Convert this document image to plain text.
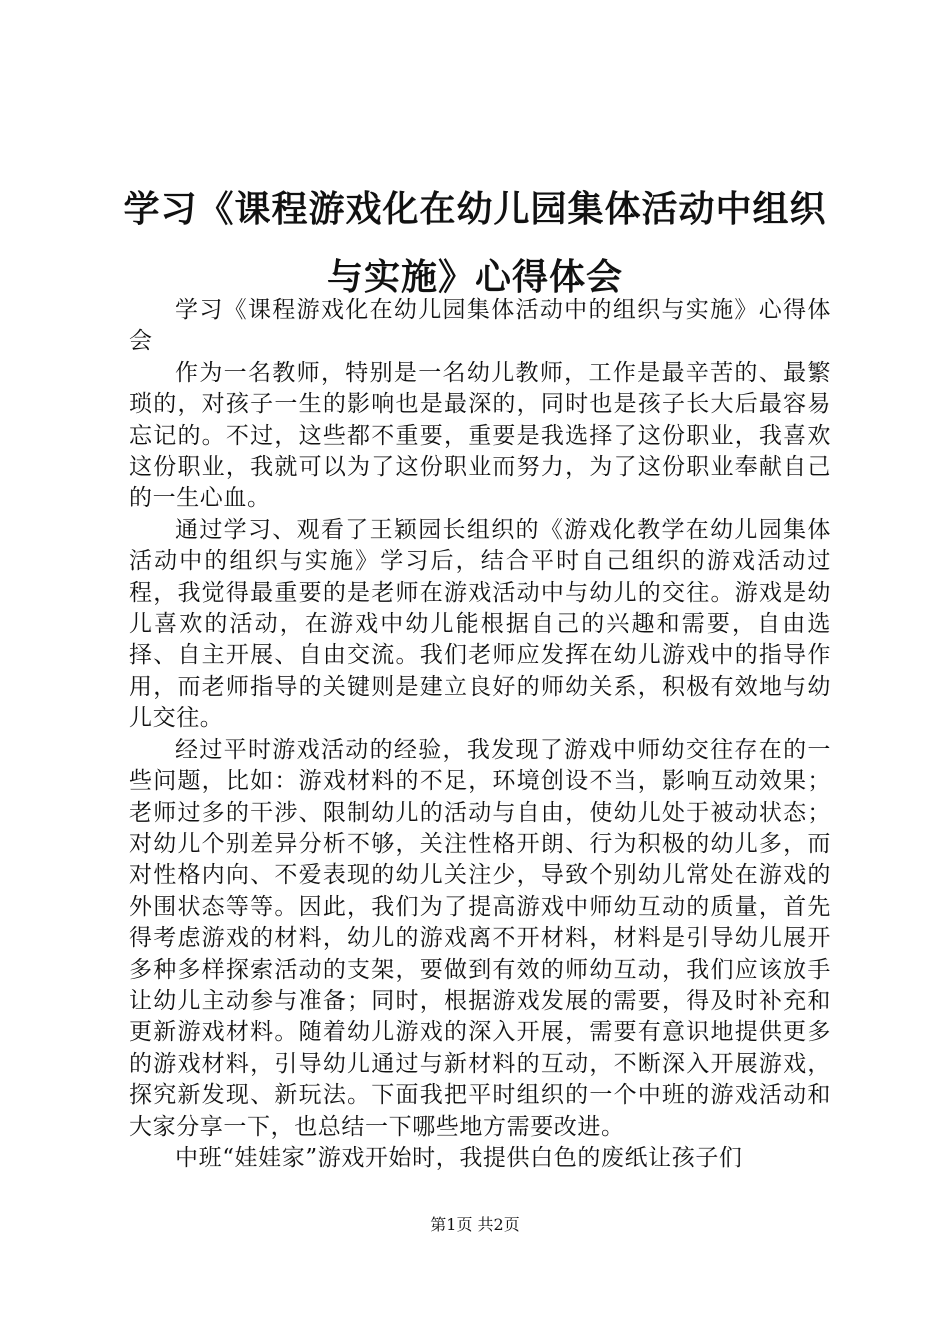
学习《课程游戏化在幼儿园集体活动中组织与实施》心得体会

学习《课程游戏化在幼儿园集体活动中的组织与实施》心得体会

作为一名教师，特别是一名幼儿教师，工作是最辛苦的、最繁琐的，对孩子一生的影响也是最深的，同时也是孩子长大后最容易忘记的。不过，这些都不重要，重要是我选择了这份职业，我喜欢这份职业，我就可以为了这份职业而努力，为了这份职业奉献自己的一生心血。

通过学习、观看了王颖园长组织的《游戏化教学在幼儿园集体活动中的组织与实施》学习后，结合平时自己组织的游戏活动过程，我觉得最重要的是老师在游戏活动中与幼儿的交往。游戏是幼儿喜欢的活动，在游戏中幼儿能根据自己的兴趣和需要，自由选择、自主开展、自由交流。我们老师应发挥在幼儿游戏中的指导作用，而老师指导的关键则是建立良好的师幼关系，积极有效地与幼儿交往。

经过平时游戏活动的经验，我发现了游戏中师幼交往存在的一些问题，比如：游戏材料的不足，环境创设不当，影响互动效果；老师过多的干涉、限制幼儿的活动与自由，使幼儿处于被动状态；对幼儿个别差异分析不够，关注性格开朗、行为积极的幼儿多，而对性格内向、不爱表现的幼儿关注少，导致个别幼儿常处在游戏的外围状态等等。因此，我们为了提高游戏中师幼互动的质量，首先得考虑游戏的材料，幼儿的游戏离不开材料，材料是引导幼儿展开多种多样探索活动的支架，要做到有效的师幼互动，我们应该放手让幼儿主动参与准备；同时，根据游戏发展的需要，得及时补充和更新游戏材料。随着幼儿游戏的深入开展，需要有意识地提供更多的游戏材料，引导幼儿通过与新材料的互动，不断深入开展游戏，探究新发现、新玩法。下面我把平时组织的一个中班的游戏活动和大家分享一下，也总结一下哪些地方需要改进。

中班“娃娃家”游戏开始时，我提供白色的废纸让孩子们

第1页 共2页
